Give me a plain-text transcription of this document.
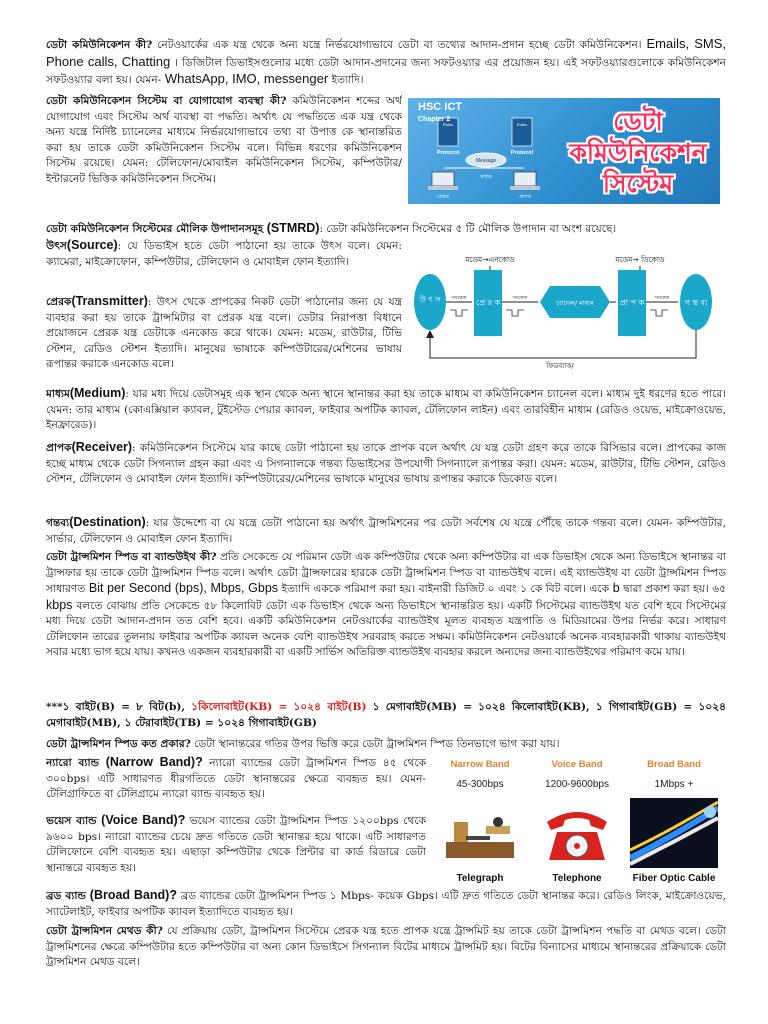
ডেটা কমিউনিকেশন কী? নেটওয়ার্কের এক যন্ত্র থেকে অন্য যন্ত্রে নির্ভরযোগ্যভাবে ডেটা বা তথ্যের আদান-প্রদান হচ্ছে ডেটা কমিউনিকেশন। Emails, SMS, Phone calls, Chatting । ডিজিটাল ডিভাইসগুলোর মধ্যে ডেটা আদান-প্রদানের জন্য সফটওয়্যার এর প্রয়োজন হয়। এই সফটওয়্যারগুলোকে কমিউনিকেশন সফটওয়্যার বলা হয়। যেমন- WhatsApp, IMO, messenger ইত্যাদি।

ডেটা কমিউনিকেশন সিস্টেম বা যোগাযোগ ব্যবস্থা কী? কমিউনিকেশন শব্দের অর্থ যোগাযোগ এবং সিস্টেম অর্থ ব্যবস্থা বা পদ্ধতি। অর্থাৎ যে পদ্ধতিতে এক যন্ত্র থেকে অন্য যন্ত্রে নির্দিষ্ট চ্যানেলের মাধ্যমে নির্ভরযোগ্যভাবে তথ্য বা উপাত্ত কে স্থানান্তরিত করা হয় তাকে ডেটা কমিউনিকেশন সিস্টেম বলে। বিভিন্ন ধরণের কমিউনিকেশন সিস্টেম রয়েছে। যেমন: টেলিফোন/মোবাইল কমিউনিকেশন সিস্টেম, কম্পিউটার/ইন্টারনেট ভিত্তিক কমিউনিকেশন সিস্টেম।

Rules	Rules
Protocol	Protocol
Message
প্রেরক
মাধ্যম
প্রাপক
HSC ICT
Chapter 2	ডেটা
কমিউনিকেশন
সিস্টেম

ডেটা কমিউনিকেশন সিস্টেমের মৌলিক উপাদানসমূহ (STMRD): ডেটা কমিউনিকেশন সিস্টেমের ৫ টি মৌলিক উপাদান বা অংশ রয়েছে।

উৎস(Source): যে ডিভাইস হতে ডেটা পাঠানো হয় তাকে উৎস বলে। যেমন: ক্যামেরা, মাইক্রোফোন, কম্পিউটার, টেলিফোন ও মোবাইল ফোন ইত্যাদি।	মডেম→এনকোড	মডেম→ ডিকোড
ফিডব্যাক/
উ ৎ স	প্রে র ক	চ্যানেল/ মাধ্যম	প্রা প ক	গ ন্ত ব্য
সংকেত	সংকেত	সংকেত

প্রেরক(Transmitter): উৎস থেকে প্রাপকের নিকট ডেটা পাঠানোর জন্য যে যন্ত্র ব্যবহার করা হয় তাকে ট্রান্সমিটার বা প্রেরক যন্ত্র বলে। ডেটার নিরাপত্তা বিধানে প্রয়োজনে প্রেরক যন্ত্র ডেটাকে এনকোড করে থাকে। যেমন: মডেম, রাউটার, টিভি স্টেশন, রেডিও স্টেশন ইত্যাদি। মানুষের ভাষাকে কম্পিউটারের/মেশিনের ভাষায় রূপান্তর করাকে এনকোড বলে।

মাধ্যম(Medium): যার মধ্য দিয়ে ডেটাসমূহ এক স্থান থেকে অন্য স্থানে স্থানান্তর করা হয় তাকে মাধ্যম বা কমিউনিকেশন চ্যানেল বলে। মাধ্যম দুই ধরণের হতে পারে। যেমন: তার মাধ্যম (কোএক্সিয়াল ক্যাবল, টুইস্টেড পেয়ার ক্যাবল, ফাইবার অপটিক ক্যাবল, টেলিফোন লাইন) এবং তারবিহীন মাধ্যম (রেডিও ওয়েভ, মাইক্রোওয়েভ, ইনফ্রারেড)।

প্রাপক(Receiver): কমিউনিকেশন সিস্টেমে যার কাছে ডেটা পাঠানো হয় তাকে প্রাপক বলে অর্থাৎ যে যন্ত্র ডেটা গ্রহণ করে তাকে রিসিভার বলে। প্রাপকের কাজ হচ্ছে মাধ্যম থেকে ডেটা সিগন্যাল গ্রহন করা এবং এ সিগন্যালকে গন্তব্য ডিভাইসের উপযোগী সিগন্যালে রূপান্তর করা। যেমন: মডেম, রাউটার, টিভি স্টেশন, রেডিও স্টেশন, টেলিফোন ও মোবাইল ফোন ইত্যাদি। কম্পিউটারের/মেশিনের ভাষাকে মানুষের ভাষায় রূপান্তর করাকে ডিকোড বলে।

গন্তব্য(Destination): যার উদ্দেশ্যে বা যে যন্ত্রে ডেটা পাঠানো হয় অর্থাৎ ট্রান্সমিশনের পর ডেটা সর্বশেষ যে যন্ত্রে পৌঁছে তাকে গন্তব্য বলে। যেমন- কম্পিউটার, সার্ভার, টেলিফোন ও মোবাইল ফোন ইত্যাদি।

ডেটা ট্রান্সমিশন স্পিড বা ব্যান্ডউইথ কী? প্রতি সেকেন্ডে যে পরিমান ডেটা এক কম্পিউটার থেকে অন্য কম্পিউটার বা এক ডিভাইস থেকে অন্য ডিভাইসে স্থানান্তর বা ট্রান্সফার হয় তাকে ডেটা ট্রান্সমিশন স্পিড বলে। অর্থাৎ ডেটা ট্রান্সফারের হারকে ডেটা ট্রান্সমিশন স্পিড বা ব্যান্ডউইথ বলে। এই ব্যান্ডউইথ বা ডেটা ট্রান্সমিশন স্পিড সাধারণত Bit per Second (bps), Mbps, Gbps ইত্যাদি এককে পরিমাপ করা হয়। বাইনারী ডিজিট ০ এবং ১ কে বিট বলে। একে b দ্বারা প্রকাশ করা হয়। ৬৫ kbps বলতে বোঝায় প্রতি সেকেন্ডে ৫৮ কিলোবিট ডেটা এক ডিভাইস থেকে অন্য ডিভাইসে স্থানান্তরিত হয়। একটি সিস্টেমের ব্যান্ডউইথ যত বেশি হবে সিস্টেমের মধ্য দিয়ে ডেটা আদান-প্রদান তত বেশি হবে। একটি কমিউনিকেশন নেটওয়ার্কের ব্যান্ডউইথ মূলত ব্যবহৃত যন্ত্রপাতি ও মিডিয়ামের উপর নির্ভর করে। সাধারণ টেলিফোন তারের তুলনায় ফাইবার অপটিক ক্যাবল অনেক বেশি ব্যান্ডউইথ সরবরাহ করতে সক্ষম। কমিউনিকেশন নেটওয়ার্কে অনেক ব্যবহারকারী থাকায় ব্যান্ডউইথ সবার মধ্যে ভাগ হয়ে যায়। কখনও একজন ব্যবহারকারী বা একটি সার্ভিস অতিরিক্ত ব্যান্ডউইথ ব্যবহার করলে অন্যদের জন্য ব্যান্ডউইথের পরিমাণ কমে যায়।

***১ বাইট(B) = ৮ বিট(b), ১কিলোবাইট(KB) = ১০২৪ বাইট(B) ১ মেগাবাইট(MB) = ১০২৪ কিলোবাইট(KB), ১ গিগাবাইট(GB) = ১০২৪ মেগাবাইট(MB), ১ টেরাবাইট(TB) = ১০২৪ গিগাবাইট(GB)

ডেটা ট্রান্সমিশন স্পিড কত প্রকার? ডেটা স্থানান্তরের গতির উপর ভিত্তি করে ডেটা ট্রান্সমিশন স্পিড তিনভাগে ভাগ করা যায়।

ন্যারো ব্যান্ড (Narrow Band)? ন্যারো ব্যান্ডের ডেটা ট্রান্সমিশন স্পিড ৪৫ থেকে ৩০০bps। এটি সাধারণত ধীরগতিতে ডেটা স্থানান্তরের ক্ষেত্রে ব্যবহৃত হয়। যেমন- টেলিগ্রাফিতে বা টেলিগ্রামে ন্যারো ব্যান্ড ব্যবহৃত হয়।

ভয়েস ব্যান্ড (Voice Band)? ভয়েস ব্যান্ডের ডেটা ট্রান্সমিশন স্পিড ১২০০bps থেকে ৯৬০০ bps। ন্যারো ব্যান্ডের চেয়ে দ্রুত গতিতে ডেটা স্থানান্তর হয়ে থাকে। এটি সাধারণত টেলিফোনে বেশি ব্যবহৃত হয়। এছাড়া কম্পিউটার থেকে প্রিন্টার বা কার্ড রিডারে ডেটা স্থানান্তরে ব্যবহৃত হয়।

Narrow Band
45-300bps
Telegraph
Voice Band
1200-9600bps
Telephone
Broad Band
1Mbps +
Fiber Optic Cable

ব্রড ব্যান্ড (Broad Band)? ব্রড ব্যান্ডের ডেটা ট্রান্সমিশন স্পিড ১ Mbps- কয়েক Gbps। এটি দ্রুত গতিতে ডেটা স্থানান্তর করে। রেডিও লিংক, মাইক্রোওয়েভ, স্যাটেলাইট, ফাইবার অপটিক ক্যাবল ইত্যাদিতে ব্যবহৃত হয়।

ডেটা ট্রান্সমিশন মেথড কী? যে প্রক্রিয়ায় ডেটা, ট্রান্সমিশন সিস্টেমে প্রেরক যন্ত্র হতে প্রাপক যন্ত্রে ট্রান্সমিট হয় তাকে ডেটা ট্রান্সমিশন পদ্ধতি বা মেথড বলে। ডেটা ট্রান্সমিশনের ক্ষেত্রে কম্পিউটার হতে কম্পিউটার বা অন্য কোন ডিভাইসে সিগন্যাল বিটের মাধ্যমে ট্রান্সমিট হয়। বিটের বিন্যাসের মাধ্যমে স্থানান্তরের প্রক্রিয়াকে ডেটা ট্রান্সমিশন মেথড বলে।
